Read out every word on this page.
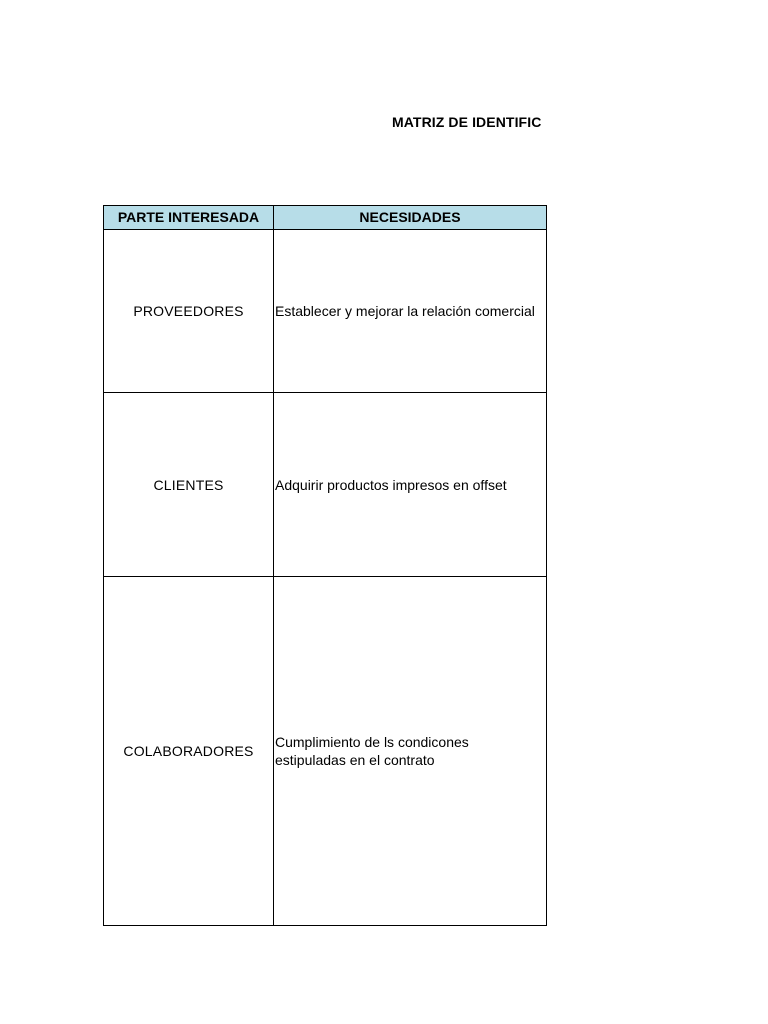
MATRIZ DE IDENTIFIC
PARTE INTERESADA	NECESIDADES
PROVEEDORES	Establecer y mejorar la relación comercial
CLIENTES	Adquirir productos impresos en offset
COLABORADORES	Cumplimiento de ls condicones estipuladas en el contrato
